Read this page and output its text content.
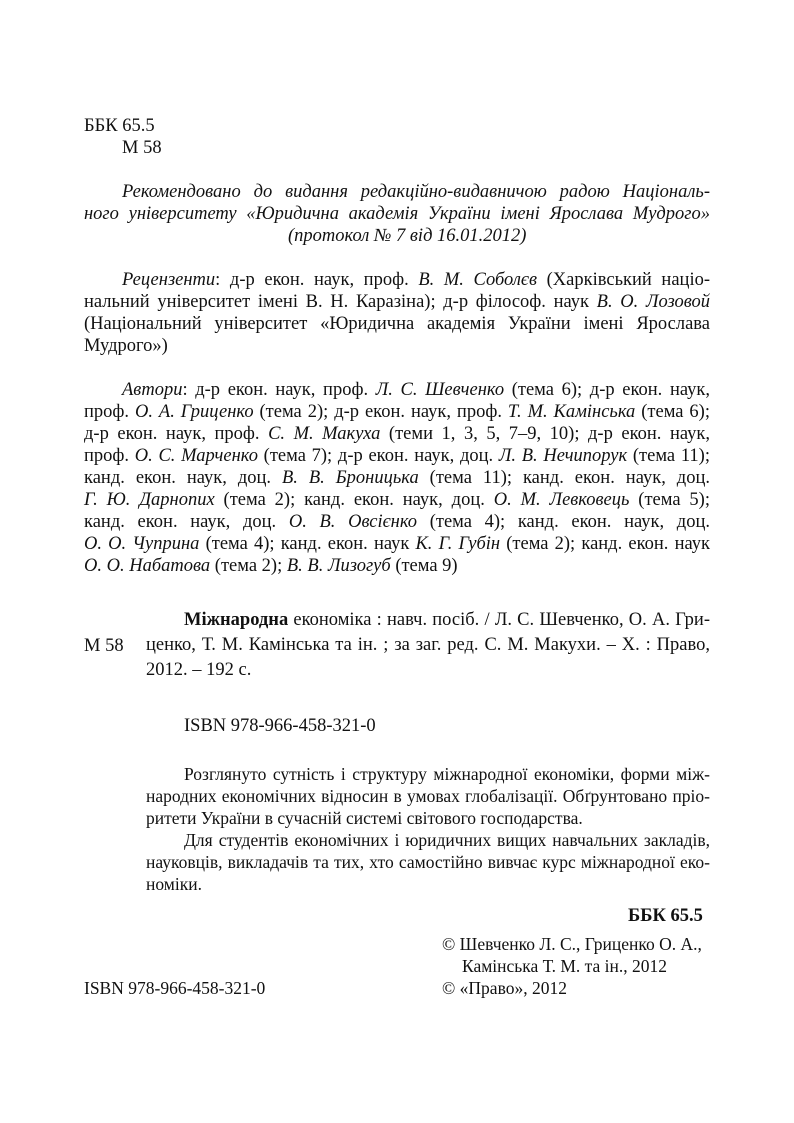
ББК 65.5
М 58
Рекомендовано до видання редакційно-видавничою радою Національ-
ного університету «Юридична академія України імені Ярослава Мудрого»
(протокол № 7 від 16.01.2012)
Рецензенти: д-р екон. наук, проф. В. М. Соболєв (Харківський націо-
нальний університет імені В. Н. Каразіна); д-р філософ. наук В. О. Лозовой
(Національний університет «Юридична академія України імені Ярослава
Мудрого»)
Автори: д-р екон. наук, проф. Л. С. Шевченко (тема 6); д-р екон. наук,
проф. О. А. Гриценко (тема 2); д-р екон. наук, проф. Т. М. Камінська (тема 6);
д-р екон. наук, проф. С. М. Макуха (теми 1, 3, 5, 7–9, 10); д-р екон. наук,
проф. О. С. Марченко (тема 7); д-р екон. наук, доц. Л. В. Нечипорук (тема 11);
канд. екон. наук, доц. В. В. Броницька (тема 11); канд. екон. наук, доц.
Г. Ю. Дарнопих (тема 2); канд. екон. наук, доц. О. М. Левковець (тема 5);
канд. екон. наук, доц. О. В. Овсієнко (тема 4); канд. екон. наук, доц.
О. О. Чуприна (тема 4); канд. екон. наук К. Г. Губін (тема 2); канд. екон. наук
О. О. Набатова (тема 2); В. В. Лизогуб (тема 9)
Міжнародна економіка : навч. посіб. / Л. С. Шевченко, О. А. Гри-
М 58 ценко, Т. М. Камінська та ін. ; за заг. ред. С. М. Макухи. – Х. : Право,
2012. – 192 с.
ISBN 978-966-458-321-0
Розглянуто сутність і структуру міжнародної економіки, форми між-
народних економічних відносин в умовах глобалізації. Обґрунтовано пріо-
ритети України в сучасній системі світового господарства.
Для студентів економічних і юридичних вищих навчальних закладів,
науковців, викладачів та тих, хто самостійно вивчає курс міжнародної еко-
номіки.
ББК 65.5
© Шевченко Л. С., Гриценко О. А.,
Камінська Т. М. та ін., 2012
© «Право», 2012
ISBN 978-966-458-321-0
